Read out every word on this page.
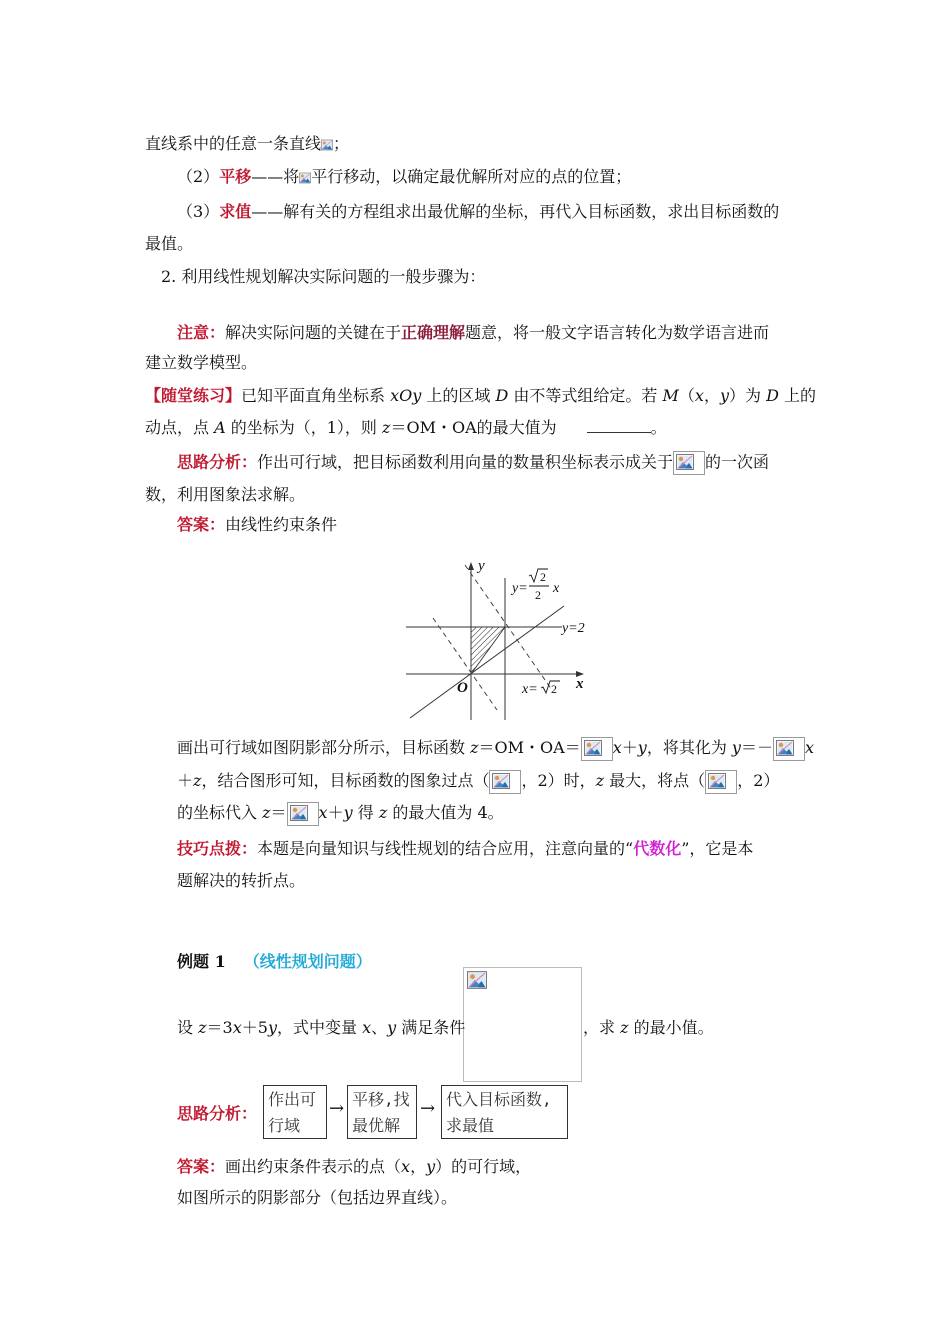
直线系中的任意一条直线 ；
（2）平移——将 平行移动，以确定最优解所对应的点的位置；
（3）求值——解有关的方程组求出最优解的坐标，再代入目标函数，求出目标函数的
最值。
2. 利用线性规划解决实际问题的一般步骤为：
注意：解决实际问题的关键在于正确理解题意，将一般文字语言转化为数学语言进而
建立数学模型。
【随堂练习】已知平面直角坐标系 xOy 上的区域 D 由不等式组给定。若 M（x，y）为 D 上的
动点，点 A 的坐标为（，1），则 z＝OM・OA的最大值为	。
思路分析：作出可行域，把目标函数利用向量的数量积坐标表示成关于 的一次函
数，利用图象法求解。
答案：由线性约束条件
y
x
O
y=
2
2 x
y=2
x= 2
画出可行域如图阴影部分所示，目标函数 z＝OM・OA＝ x＋y，将其化为 y＝－ x
＋z，结合图形可知，目标函数的图象过点（ ，2）时，z 最大，将点（ ，2）
的坐标代入 z＝ x＋y 得 z 的最大值为 4。
技巧点拨：本题是向量知识与线性规划的结合应用，注意向量的“代数化”，它是本
题解决的转折点。
例题 1 （线性规划问题）
设 z＝3x＋5y，式中变量 x、y 满足条件	，求 z 的最小值。
思路分析：
作出可
行域
→ 平移,找
最优解
→ 代入目标函数,
求最值
答案：画出约束条件表示的点（x，y）的可行域，
如图所示的阴影部分（包括边界直线）。
